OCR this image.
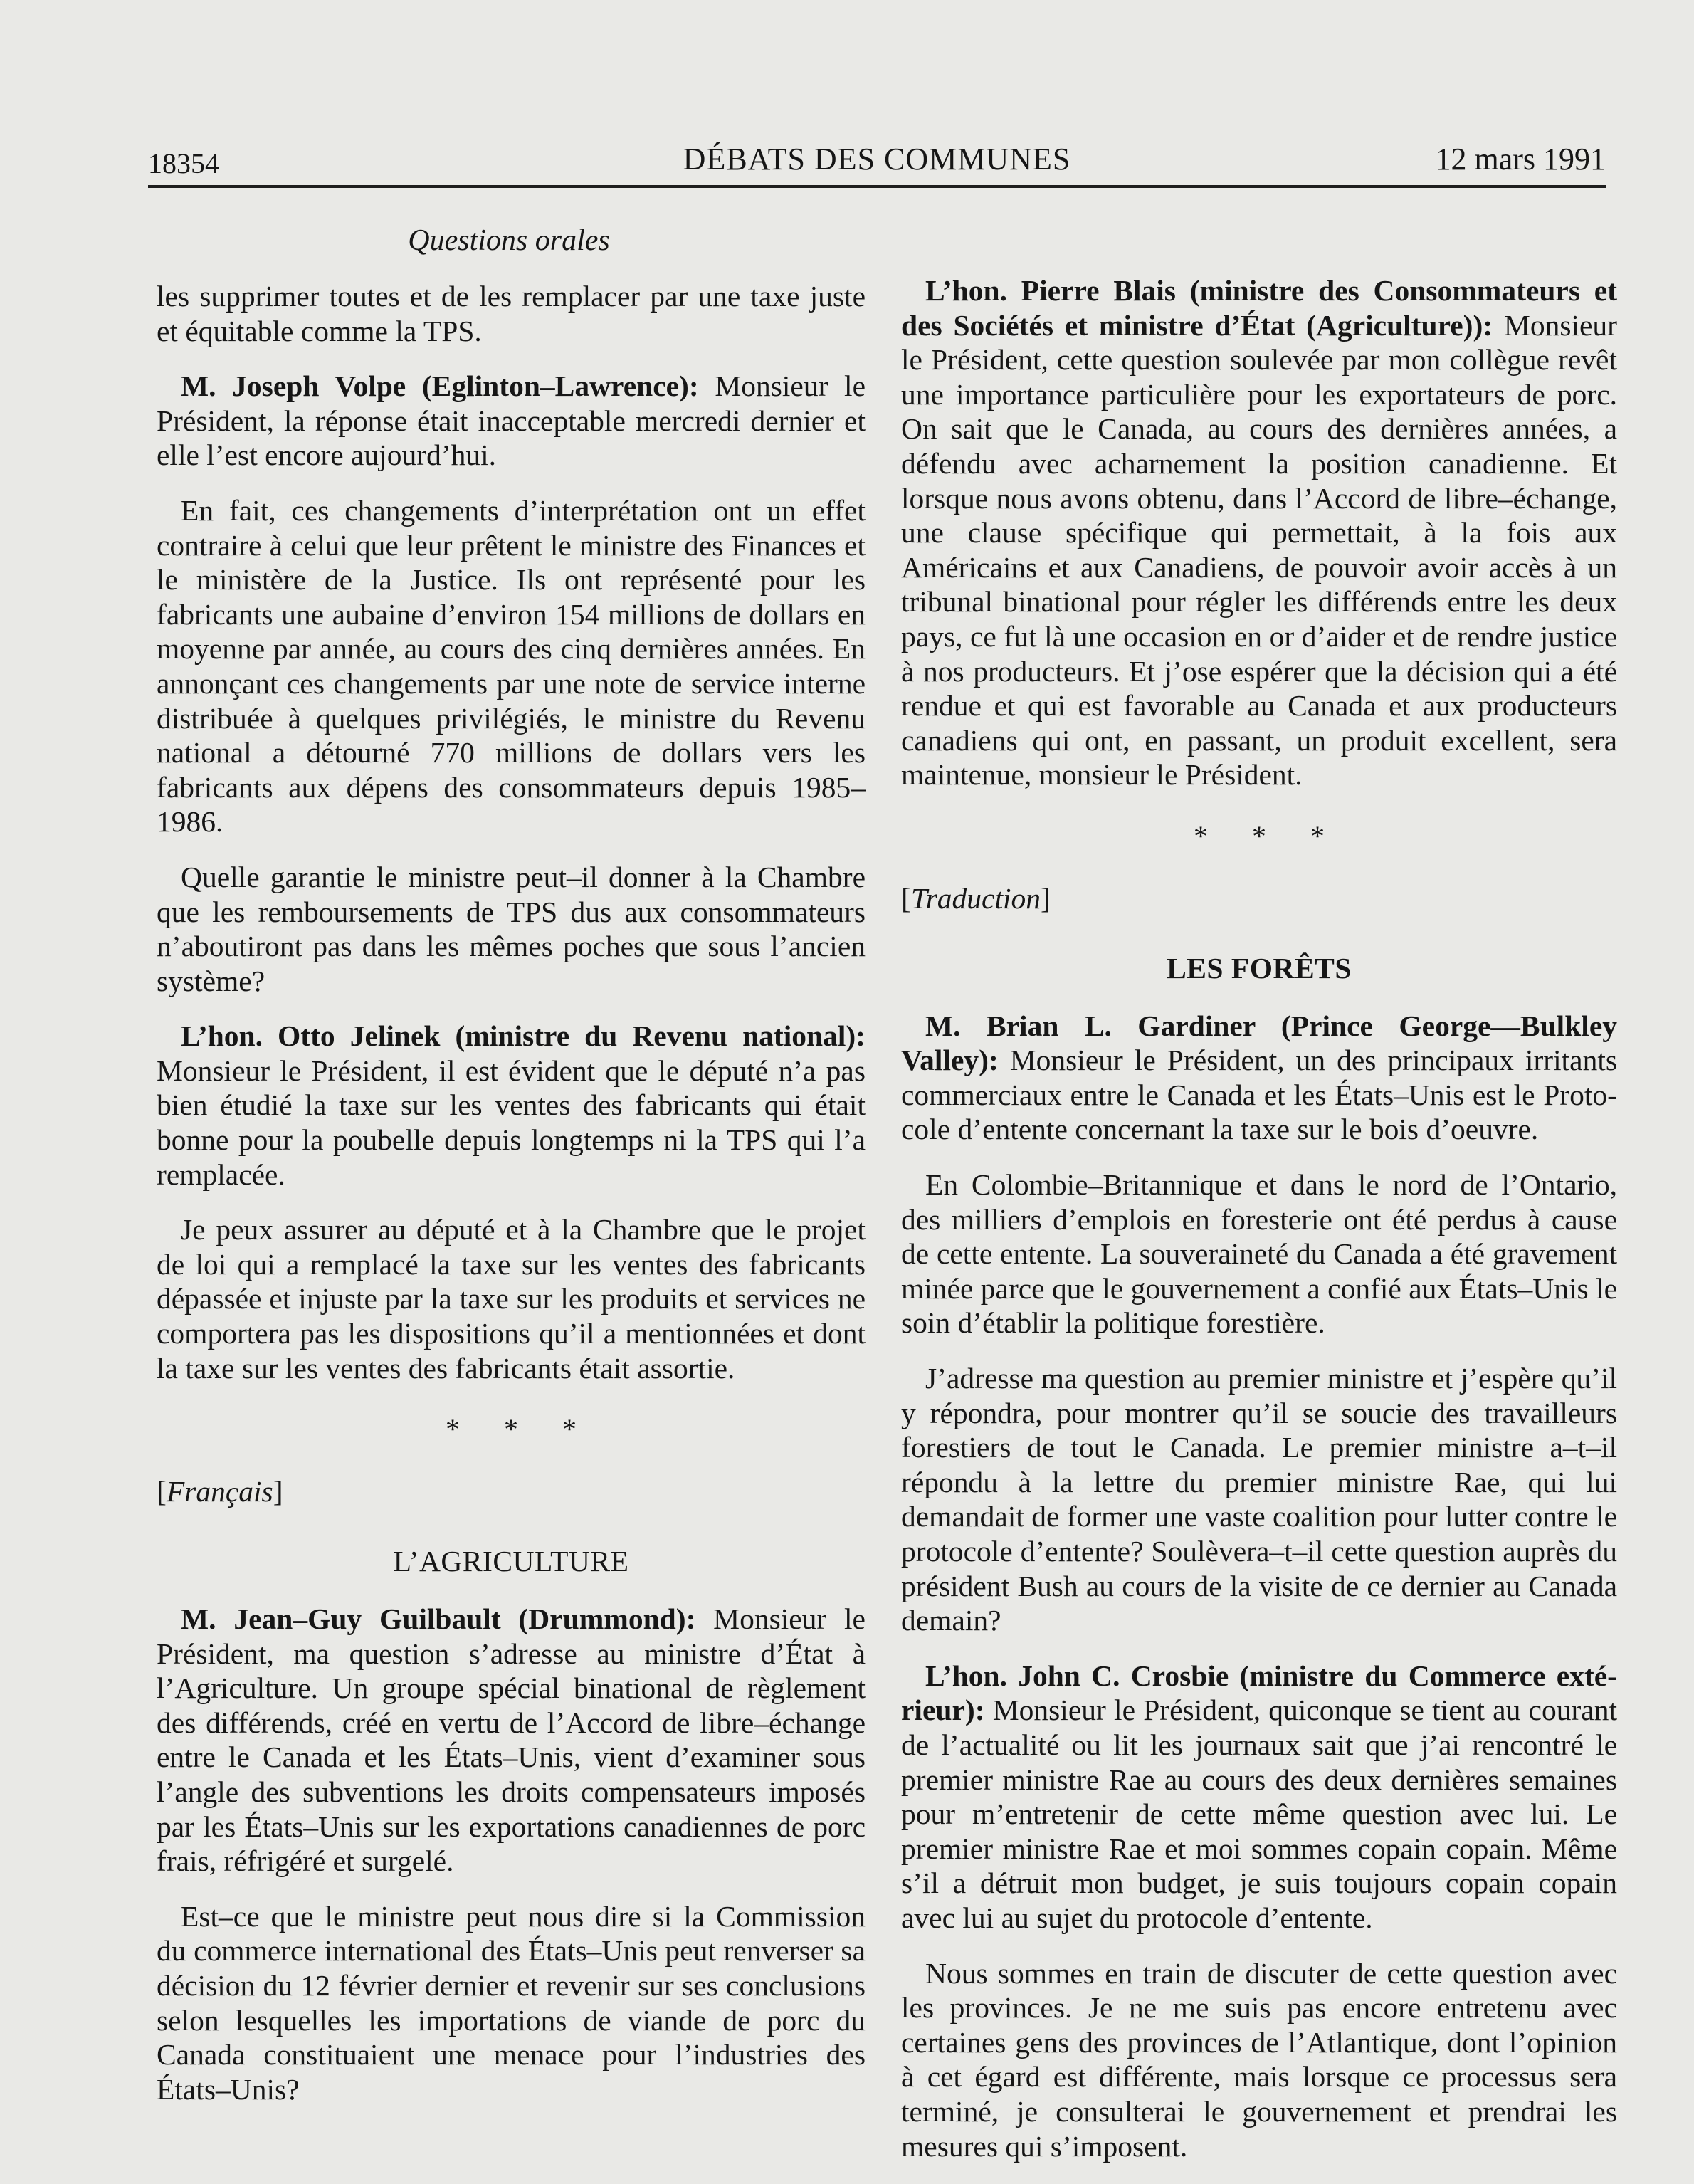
18354	DÉBATS DES COMMUNES	12 mars 1991
Questions orales

les supprimer toutes et de les remplacer par une taxe juste et équitable comme la TPS.

M. Joseph Volpe (Eglinton–Lawrence): Monsieur le Président, la réponse était inacceptable mercredi dernier et elle l’est encore aujourd’hui.

En fait, ces changements d’interprétation ont un effet contraire à celui que leur prêtent le ministre des Finances et le ministère de la Justice. Ils ont représenté pour les fabricants une aubaine d’environ 154 millions de dollars en moyenne par année, au cours des cinq dernières années. En annonçant ces changements par une note de service interne distribuée à quelques privilégiés, le ministre du Revenu national a détourné 770 millions de dollars vers les fabricants aux dépens des consommateurs depuis 1985–1986.

Quelle garantie le ministre peut–il donner à la Chambre que les remboursements de TPS dus aux consommateurs n’aboutiront pas dans les mêmes poches que sous l’ancien système?

L’hon. Otto Jelinek (ministre du Revenu national): Monsieur le Président, il est évident que le député n’a pas bien étudié la taxe sur les ventes des fabricants qui était bonne pour la poubelle depuis longtemps ni la TPS qui l’a remplacée.

Je peux assurer au député et à la Chambre que le projet de loi qui a remplacé la taxe sur les ventes des fabricants dépassée et injuste par la taxe sur les produits et services ne comportera pas les dispositions qu’il a mentionnées et dont la taxe sur les ventes des fabricants était assortie.

* * *
[Français]
L’AGRICULTURE

M. Jean–Guy Guilbault (Drummond): Monsieur le Président, ma question s’adresse au ministre d’État à l’Agriculture. Un groupe spécial binational de règlement des différends, créé en vertu de l’Accord de libre–échange entre le Canada et les États–Unis, vient d’examiner sous l’angle des subventions les droits compensateurs imposés par les États–Unis sur les exportations canadiennes de porc frais, réfrigéré et surgelé.

Est–ce que le ministre peut nous dire si la Commission du commerce international des États–Unis peut renverser sa décision du 12 février dernier et revenir sur ses conclusions selon lesquelles les importations de viande de porc du Canada constituaient une menace pour l’industries des États–Unis?

L’hon. Pierre Blais (ministre des Consommateurs et des Sociétés et ministre d’État (Agriculture)): Monsieur le Président, cette question soulevée par mon collègue revêt une importance particulière pour les exportateurs de porc. On sait que le Canada, au cours des dernières années, a défendu avec acharnement la position canadienne. Et lorsque nous avons obtenu, dans l’Accord de libre–échange, une clause spécifique qui permettait, à la fois aux Américains et aux Canadiens, de pouvoir avoir accès à un tribunal binational pour régler les différends entre les deux pays, ce fut là une occasion en or d’aider et de rendre justice à nos producteurs. Et j’ose espérer que la décision qui a été rendue et qui est favorable au Canada et aux producteurs canadiens qui ont, en passant, un produit excellent, sera maintenue, monsieur le Président.

* * *
[Traduction]
LES FORÊTS

M. Brian L. Gardiner (Prince George—Bulkley Valley): Monsieur le Président, un des principaux irritants commerciaux entre le Canada et les États–Unis est le Protocole d’entente concernant la taxe sur le bois d’oeuvre.

En Colombie–Britannique et dans le nord de l’Ontario, des milliers d’emplois en foresterie ont été perdus à cause de cette entente. La souveraineté du Canada a été gravement minée parce que le gouvernement a confié aux États–Unis le soin d’établir la politique forestière.

J’adresse ma question au premier ministre et j’espère qu’il y répondra, pour montrer qu’il se soucie des travailleurs forestiers de tout le Canada. Le premier ministre a–t–il répondu à la lettre du premier ministre Rae, qui lui demandait de former une vaste coalition pour lutter contre le protocole d’entente? Soulèvera–t–il cette question auprès du président Bush au cours de la visite de ce dernier au Canada demain?

L’hon. John C. Crosbie (ministre du Commerce extérieur): Monsieur le Président, quiconque se tient au courant de l’actualité ou lit les journaux sait que j’ai rencontré le premier ministre Rae au cours des deux dernières semaines pour m’entretenir de cette même question avec lui. Le premier ministre Rae et moi sommes copain copain. Même s’il a détruit mon budget, je suis toujours copain copain avec lui au sujet du protocole d’entente.

Nous sommes en train de discuter de cette question avec les provinces. Je ne me suis pas encore entretenu avec certaines gens des provinces de l’Atlantique, dont l’opinion à cet égard est différente, mais lorsque ce processus sera terminé, je consulterai le gouvernement et prendrai les mesures qui s’imposent.
